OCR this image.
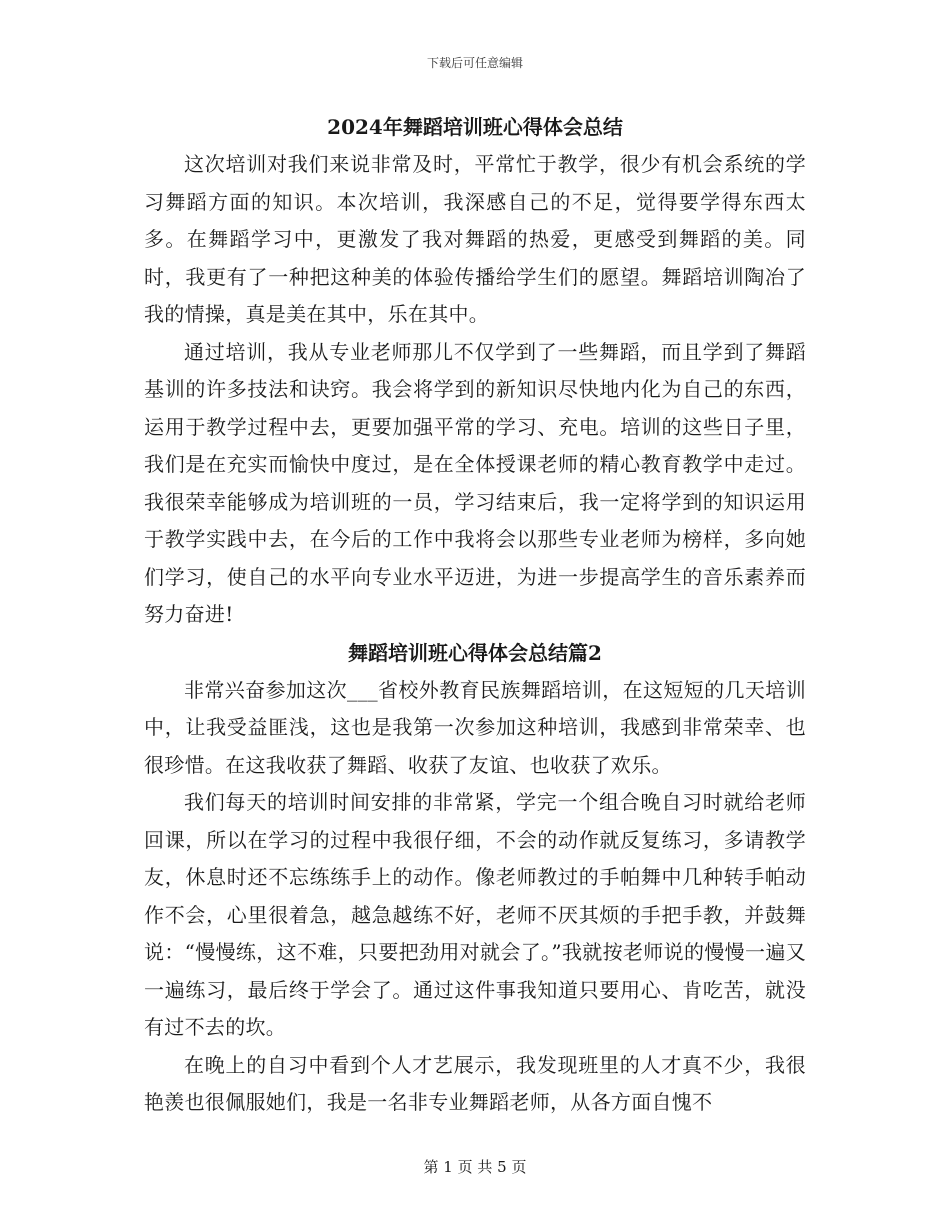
下载后可任意编辑
2024年舞蹈培训班心得体会总结

这次培训对我们来说非常及时，平常忙于教学，很少有机会系统的学习舞蹈方面的知识。本次培训，我深感自己的不足，觉得要学得东西太多。在舞蹈学习中，更激发了我对舞蹈的热爱，更感受到舞蹈的美。同时，我更有了一种把这种美的体验传播给学生们的愿望。舞蹈培训陶冶了我的情操，真是美在其中，乐在其中。

通过培训，我从专业老师那儿不仅学到了一些舞蹈，而且学到了舞蹈基训的许多技法和诀窍。我会将学到的新知识尽快地内化为自己的东西，运用于教学过程中去，更要加强平常的学习、充电。培训的这些日子里，我们是在充实而愉快中度过，是在全体授课老师的精心教育教学中走过。我很荣幸能够成为培训班的一员，学习结束后，我一定将学到的知识运用于教学实践中去，在今后的工作中我将会以那些专业老师为榜样，多向她们学习，使自己的水平向专业水平迈进，为进一步提高学生的音乐素养而努力奋进!

舞蹈培训班心得体会总结篇2

非常兴奋参加这次___省校外教育民族舞蹈培训，在这短短的几天培训中，让我受益匪浅，这也是我第一次参加这种培训，我感到非常荣幸、也很珍惜。在这我收获了舞蹈、收获了友谊、也收获了欢乐。

我们每天的培训时间安排的非常紧，学完一个组合晚自习时就给老师回课，所以在学习的过程中我很仔细，不会的动作就反复练习，多请教学友，休息时还不忘练练手上的动作。像老师教过的手帕舞中几种转手帕动作不会，心里很着急，越急越练不好，老师不厌其烦的手把手教，并鼓舞说：“慢慢练，这不难，只要把劲用对就会了。”我就按老师说的慢慢一遍又一遍练习，最后终于学会了。通过这件事我知道只要用心、肯吃苦，就没有过不去的坎。

在晚上的自习中看到个人才艺展示，我发现班里的人才真不少，我很艳羡也很佩服她们，我是一名非专业舞蹈老师，从各方面自愧不

第 1 页 共 5 页
